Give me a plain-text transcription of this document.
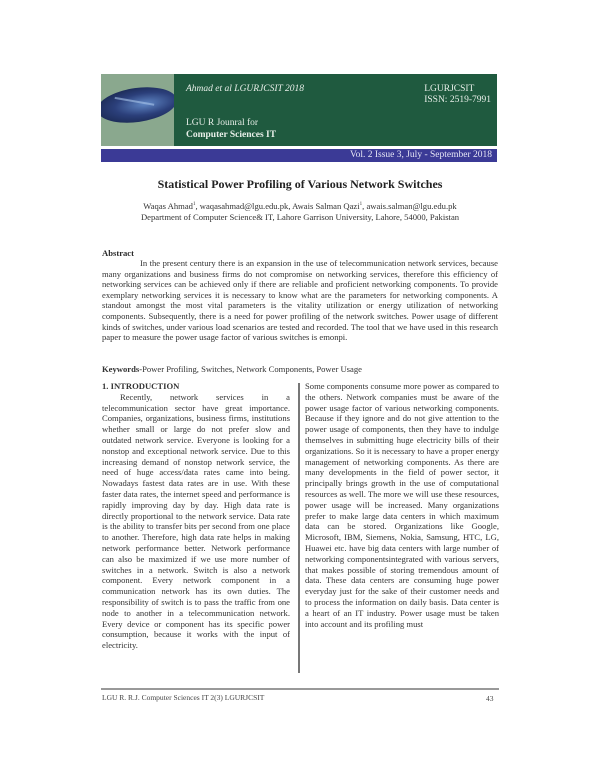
Ahmad et al LGURJCSIT 2018
LGU R Jounral for
Computer Sciences IT
LGURJCSIT
ISSN: 2519-7991
Vol. 2 Issue 3, July - September 2018
Statistical Power Profiling of Various Network Switches
Waqas Ahmad$^1$, waqasahmad@lgu.edu.pk, Awais Salman Qazi$^1$, awais.salman@lgu.edu.pk
Department of Computer Science& IT, Lahore Garrison University, Lahore, 54000, Pakistan
Abstract
In the present century there is an expansion in the use of telecommunication network services, because many organizations and business firms do not compromise on networking services, therefore this efficiency of networking services can be achieved only if there are reliable and proficient networking components. To provide exemplary networking services it is necessary to know what are the parameters for networking components. A standout amongst the most vital parameters is the vitality utilization or energy utilization of networking components. Subsequently, there is a need for power profiling of the network switches. Power usage of different kinds of switches, under various load scenarios are tested and recorded. The tool that we have used in this research paper to measure the power usage factor of various switches is emonpi.
Keywords-Power Profiling, Switches, Network Components, Power Usage
1. INTRODUCTION
Recently, network services in a telecommunication sector have great importance. Companies, organizations, business firms, institutions whether small or large do not prefer slow and outdated network service. Everyone is looking for a nonstop and exceptional network service. Due to this increasing demand of nonstop network service, the need of huge access/data rates came into being. Nowadays fastest data rates are in use. With these faster data rates, the internet speed and performance is rapidly improving day by day. High data rate is directly proportional to the network service. Data rate is the ability to transfer bits per second from one place to another. Therefore, high data rate helps in making network performance better. Network performance can also be maximized if we use more number of switches in a network. Switch is also a network component. Every network component in a communication network has its own duties. The responsibility of switch is to pass the traffic from one node to another in a telecommunication network. Every device or component has its specific power consumption, because it works with the input of electricity.
Some components consume more power as compared to the others. Network companies must be aware of the power usage factor of various networking components. Because if they ignore and do not give attention to the power usage of components, then they have to indulge themselves in submitting huge electricity bills of their organizations. So it is necessary to have a proper energy management of networking components. As there are many developments in the field of power sector, it principally brings growth in the use of computational resources as well. The more we will use these resources, power usage will be increased. Many organizations prefer to make large data centers in which maximum data can be stored. Organizations like Google, Microsoft, IBM, Siemens, Nokia, Samsung, HTC, LG, Huawei etc. have big data centers with large number of networking componentsintegrated with various servers, that makes possible of storing tremendous amount of data. These data centers are consuming huge power everyday just for the sake of their customer needs and to process the information on daily basis. Data center is a heart of an IT industry. Power usage must be taken into account and its profiling must
LGU R. R.J. Computer Sciences IT 2(3) LGURJCSIT	43
